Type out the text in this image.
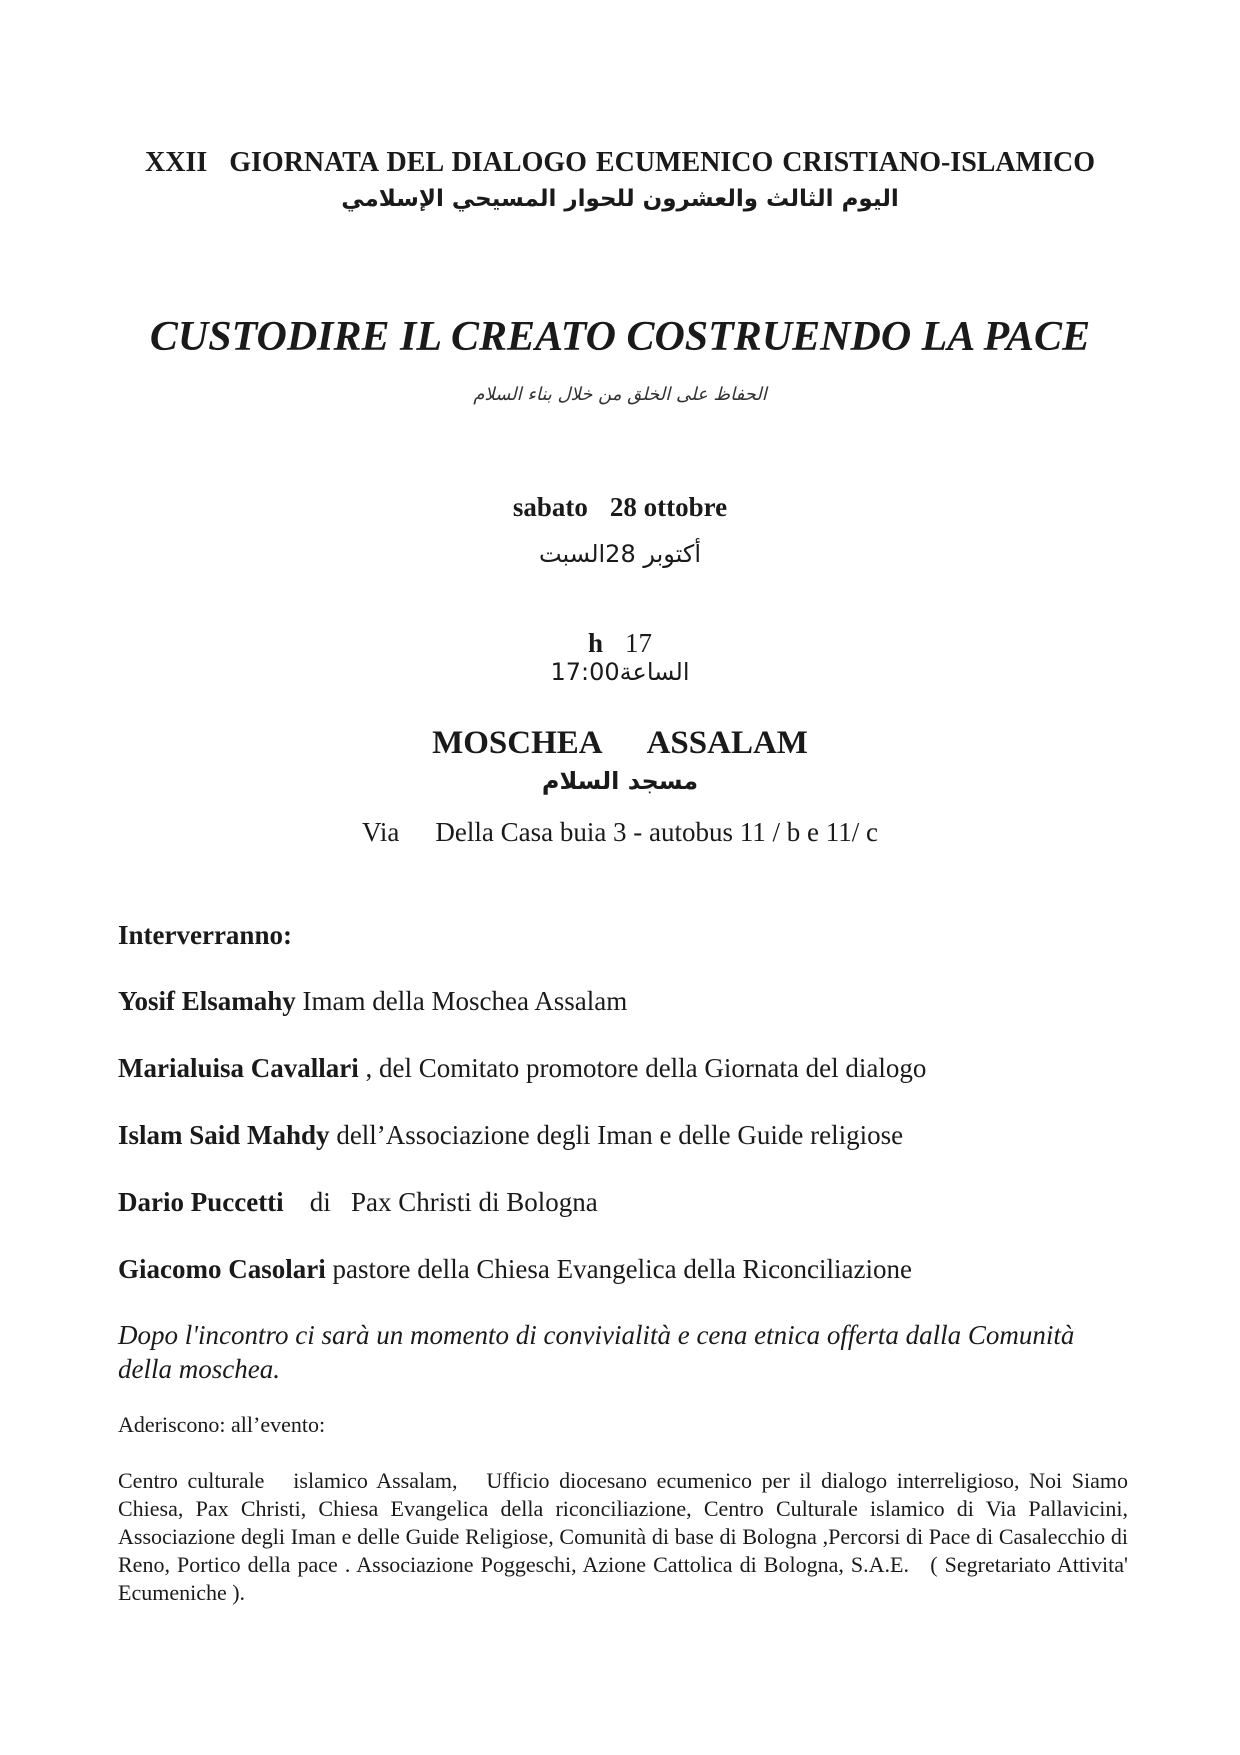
XXII GIORNATA DEL DIALOGO ECUMENICO CRISTIANO-ISLAMICO
اليوم الثالث والعشرون للحوار المسيحي الإسلامي
CUSTODIRE IL CREATO COSTRUENDO LA PACE
الحفاظ على الخلق من خلال بناء السلام
sabato 28 ottobre
أكتوبر 28السبت
h 17
الساعة17:00
MOSCHEA ASSALAM
مسجد السلام
Via Della Casa buia 3 - autobus 11 / b e 11/ c
Interverranno:
Yosif Elsamahy Imam della Moschea Assalam
Marialuisa Cavallari , del Comitato promotore della Giornata del dialogo
Islam Said Mahdy dell’Associazione degli Iman e delle Guide religiose
Dario Puccetti di   Pax Christi di Bologna
Giacomo Casolari pastore della Chiesa Evangelica della Riconciliazione
Dopo l'incontro ci sarà un momento di convivialità e cena etnica offerta dalla Comunità della moschea.
Aderiscono: all’evento:
Centro culturale   islamico Assalam,   Ufficio diocesano ecumenico per il dialogo interreligioso, Noi Siamo Chiesa, Pax Christi, Chiesa Evangelica della riconciliazione, Centro Culturale islamico di Via Pallavicini, Associazione degli Iman e delle Guide Religiose, Comunità di base di Bologna ,Percorsi di Pace di Casalecchio di Reno, Portico della pace . Associazione Poggeschi, Azione Cattolica di Bologna, S.A.E.   ( Segretariato Attivita' Ecumeniche ).
